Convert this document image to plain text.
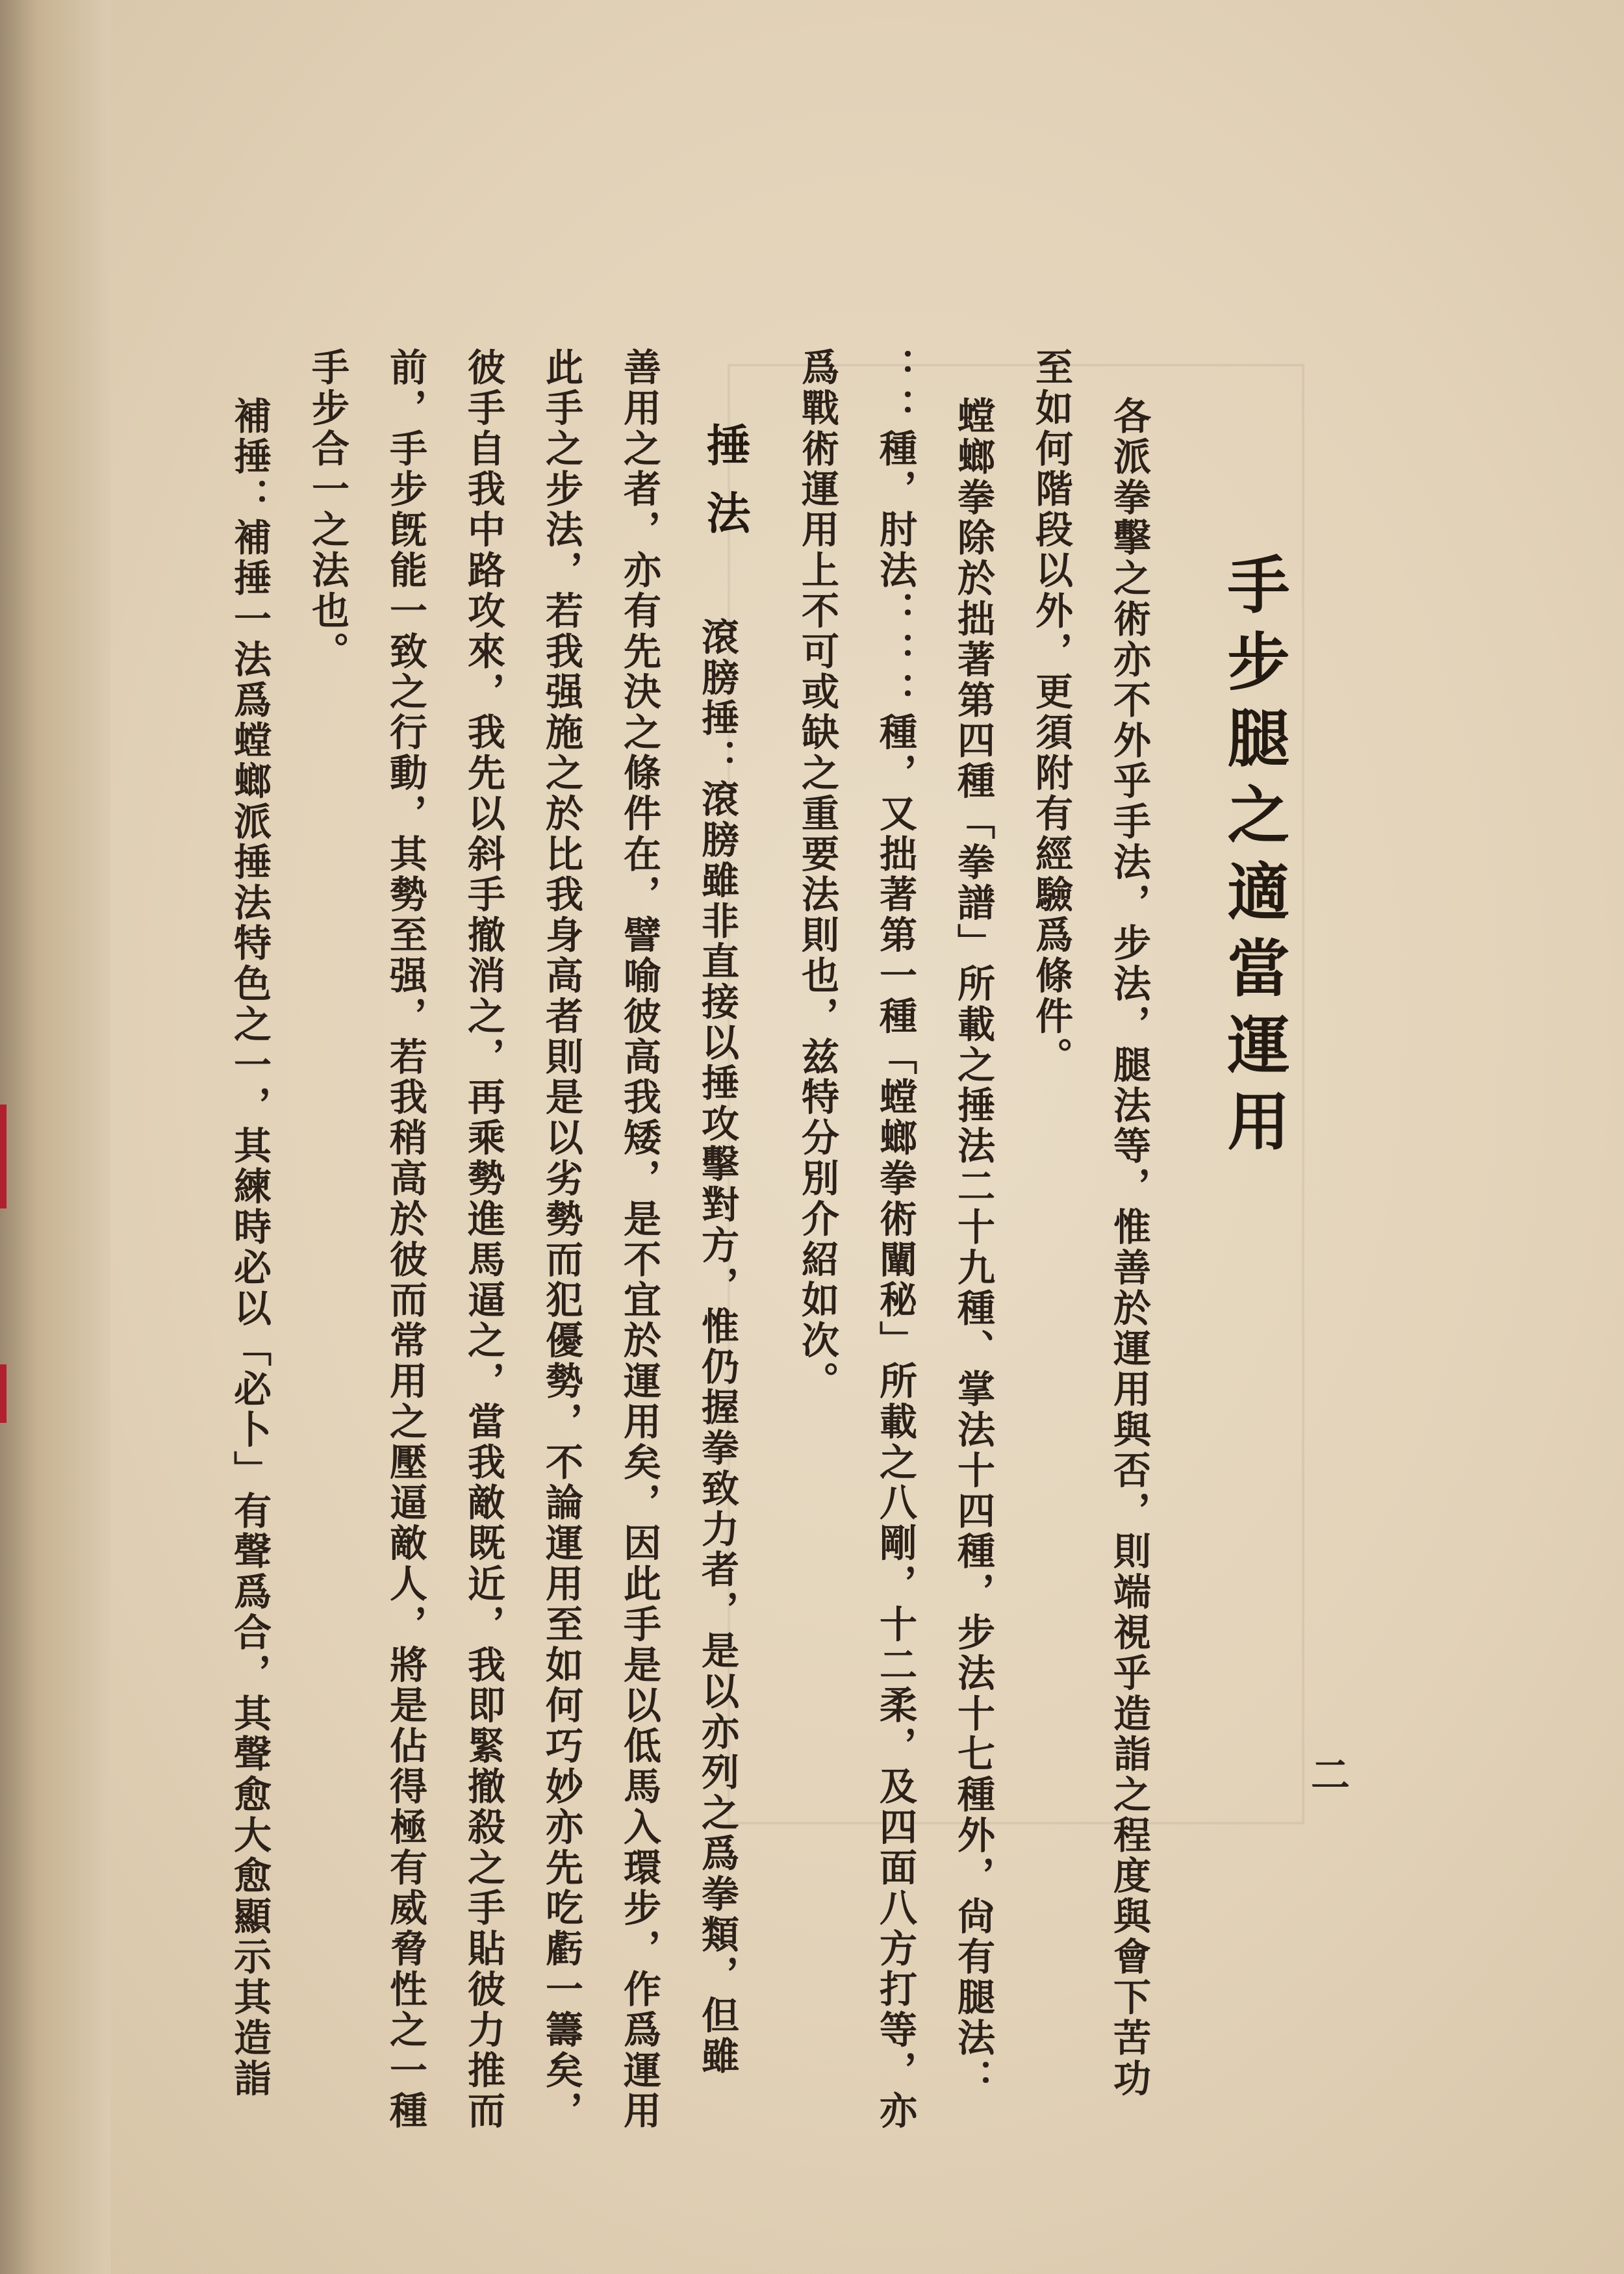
手步腿之適當運用
二
各派拳擊之術亦不外乎手法，步法，腿法等，惟善於運用與否，則端視乎造詣之程度與會下苦功
至如何階段以外，更須附有經驗爲條件。
螳螂拳除於拙著第四種「拳譜」所載之捶法二十九種、掌法十四種，步法十七種外，尙有腿法：
：：種，肘法：：：種，又拙著第一種「螳螂拳術闡秘」所載之八剛，十二柔，及四面八方打等，亦
爲戰術運用上不可或缺之重要法則也，兹特分別介紹如次。
捶法
滾膀捶：滾膀雖非直接以捶攻擊對方，惟仍握拳致力者，是以亦列之爲拳類，但雖
善用之者，亦有先決之條件在，譬喻彼高我矮，是不宜於運用矣，因此手是以低馬入環步，作爲運用
此手之步法，若我强施之於比我身高者則是以劣勢而犯優勢，不論運用至如何巧妙亦先吃虧一籌矣，
彼手自我中路攻來，我先以斜手撤消之，再乘勢進馬逼之，當我敵既近，我即緊撤殺之手貼彼力推而
前，手步旣能一致之行動，其勢至强，若我稍高於彼而常用之壓逼敵人，將是佔得極有威脅性之一種
手步合一之法也。
補捶：補捶一法爲螳螂派捶法特色之一，其練時必以「必卜」有聲爲合，其聲愈大愈顯示其造詣
